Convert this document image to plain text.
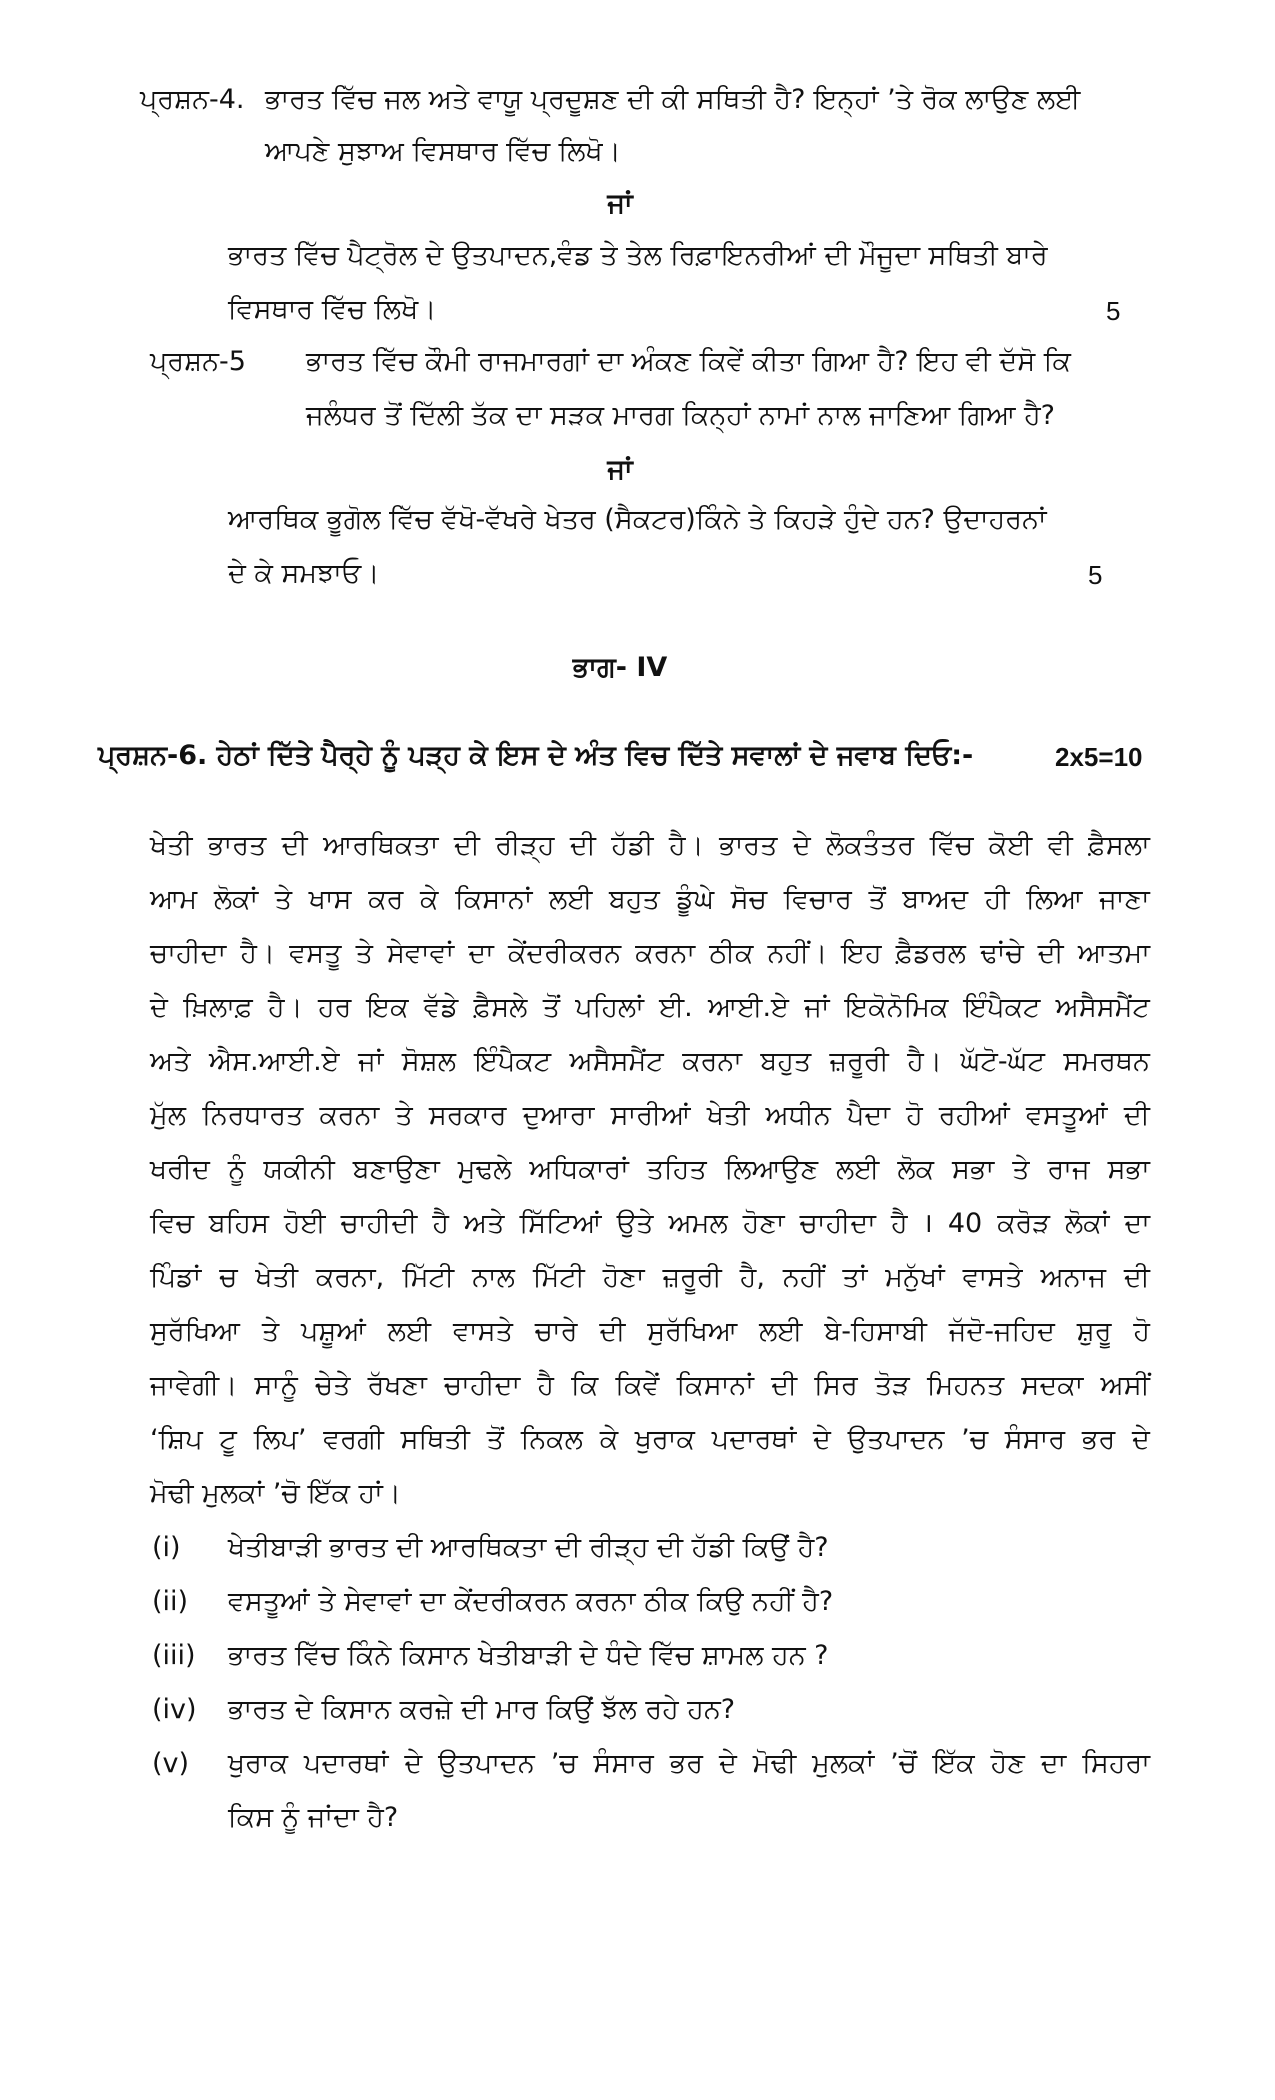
ਪ੍ਰਸ਼ਨ-4. ਭਾਰਤ ਵਿੱਚ ਜਲ ਅਤੇ ਵਾਯੂ ਪ੍ਰਦੂਸ਼ਣ ਦੀ ਕੀ ਸਥਿਤੀ ਹੈ? ਇਨ੍ਹਾਂ ’ਤੇ ਰੋਕ ਲਾਉਣ ਲਈ
ਆਪਣੇ ਸੁਝਾਅ ਵਿਸਥਾਰ ਵਿੱਚ ਲਿਖੋ।
ਜਾਂ
ਭਾਰਤ ਵਿੱਚ ਪੈਟ੍ਰੋਲ ਦੇ ਉਤਪਾਦਨ,ਵੰਡ ਤੇ ਤੇਲ ਰਿਫ਼ਾਇਨਰੀਆਂ ਦੀ ਮੌਜੂਦਾ ਸਥਿਤੀ ਬਾਰੇ
ਵਿਸਥਾਰ ਵਿੱਚ ਲਿਖੋ।	5
ਪ੍ਰਸ਼ਨ-5 ਭਾਰਤ ਵਿੱਚ ਕੌਮੀ ਰਾਜਮਾਰਗਾਂ ਦਾ ਅੰਕਣ ਕਿਵੇਂ ਕੀਤਾ ਗਿਆ ਹੈ? ਇਹ ਵੀ ਦੱਸੋ ਕਿ
ਜਲੰਧਰ ਤੋਂ ਦਿੱਲੀ ਤੱਕ ਦਾ ਸੜਕ ਮਾਰਗ ਕਿਨ੍ਹਾਂ ਨਾਮਾਂ ਨਾਲ ਜਾਣਿਆ ਗਿਆ ਹੈ?
ਜਾਂ
ਆਰਥਿਕ ਭੂਗੋਲ ਵਿੱਚ ਵੱਖੋ-ਵੱਖਰੇ ਖੇਤਰ (ਸੈਕਟਰ)ਕਿੰਨੇ ਤੇ ਕਿਹੜੇ ਹੁੰਦੇ ਹਨ? ਉਦਾਹਰਨਾਂ
ਦੇ ਕੇ ਸਮਝਾਓ।	5
ਭਾਗ- IV
ਪ੍ਰਸ਼ਨ-6. ਹੇਠਾਂ ਦਿੱਤੇ ਪੈਰ੍ਹੇ ਨੂੰ ਪੜ੍ਹ ਕੇ ਇਸ ਦੇ ਅੰਤ ਵਿਚ ਦਿੱਤੇ ਸਵਾਲਾਂ ਦੇ ਜਵਾਬ ਦਿਓ:-	2x5=10
ਖੇਤੀ ਭਾਰਤ ਦੀ ਆਰਥਿਕਤਾ ਦੀ ਰੀੜ੍ਹ ਦੀ ਹੱਡੀ ਹੈ। ਭਾਰਤ ਦੇ ਲੋਕਤੰਤਰ ਵਿੱਚ ਕੋਈ ਵੀ ਫ਼ੈਸਲਾ
ਆਮ ਲੋਕਾਂ ਤੇ ਖਾਸ ਕਰ ਕੇ ਕਿਸਾਨਾਂ ਲਈ ਬਹੁਤ ਡੂੰਘੇ ਸੋਚ ਵਿਚਾਰ ਤੋਂ ਬਾਅਦ ਹੀ ਲਿਆ ਜਾਣਾ
ਚਾਹੀਦਾ ਹੈ। ਵਸਤੂ ਤੇ ਸੇਵਾਵਾਂ ਦਾ ਕੇਂਦਰੀਕਰਨ ਕਰਨਾ ਠੀਕ ਨਹੀਂ। ਇਹ ਫ਼ੈਡਰਲ ਢਾਂਚੇ ਦੀ ਆਤਮਾ
ਦੇ ਖ਼ਿਲਾਫ਼ ਹੈ। ਹਰ ਇਕ ਵੱਡੇ ਫ਼ੈਸਲੇ ਤੋਂ ਪਹਿਲਾਂ ਈ. ਆਈ.ਏ ਜਾਂ ਇਕੋਨੋਮਿਕ ਇੰਪੈਕਟ ਅਸੈਸਮੈਂਟ
ਅਤੇ ਐਸ.ਆਈ.ਏ ਜਾਂ ਸੋਸ਼ਲ ਇੰਪੈਕਟ ਅਸੈਸਮੈਂਟ ਕਰਨਾ ਬਹੁਤ ਜ਼ਰੂਰੀ ਹੈ। ਘੱਟੋ-ਘੱਟ ਸਮਰਥਨ
ਮੁੱਲ ਨਿਰਧਾਰਤ ਕਰਨਾ ਤੇ ਸਰਕਾਰ ਦੁਆਰਾ ਸਾਰੀਆਂ ਖੇਤੀ ਅਧੀਨ ਪੈਦਾ ਹੋ ਰਹੀਆਂ ਵਸਤੂਆਂ ਦੀ
ਖਰੀਦ ਨੂੰ ਯਕੀਨੀ ਬਣਾਉਣਾ ਮੁਢਲੇ ਅਧਿਕਾਰਾਂ ਤਹਿਤ ਲਿਆਉਣ ਲਈ ਲੋਕ ਸਭਾ ਤੇ ਰਾਜ ਸਭਾ
ਵਿਚ ਬਹਿਸ ਹੋਈ ਚਾਹੀਦੀ ਹੈ ਅਤੇ ਸਿੱਟਿਆਂ ਉਤੇ ਅਮਲ ਹੋਣਾ ਚਾਹੀਦਾ ਹੈ । 40 ਕਰੋੜ ਲੋਕਾਂ ਦਾ
ਪਿੰਡਾਂ ਚ ਖੇਤੀ ਕਰਨਾ, ਮਿੱਟੀ ਨਾਲ ਮਿੱਟੀ ਹੋਣਾ ਜ਼ਰੂਰੀ ਹੈ, ਨਹੀਂ ਤਾਂ ਮਨੁੱਖਾਂ ਵਾਸਤੇ ਅਨਾਜ ਦੀ
ਸੁਰੱਖਿਆ ਤੇ ਪਸ਼ੂਆਂ ਲਈ ਵਾਸਤੇ ਚਾਰੇ ਦੀ ਸੁਰੱਖਿਆ ਲਈ ਬੇ-ਹਿਸਾਬੀ ਜੱਦੋ-ਜਹਿਦ ਸ਼ੁਰੂ ਹੋ
ਜਾਵੇਗੀ। ਸਾਨੂੰ ਚੇਤੇ ਰੱਖਣਾ ਚਾਹੀਦਾ ਹੈ ਕਿ ਕਿਵੇਂ ਕਿਸਾਨਾਂ ਦੀ ਸਿਰ ਤੋੜ ਮਿਹਨਤ ਸਦਕਾ ਅਸੀਂ
‘ਸ਼ਿਪ ਟੂ ਲਿਪ’ ਵਰਗੀ ਸਥਿਤੀ ਤੋਂ ਨਿਕਲ ਕੇ ਖੁਰਾਕ ਪਦਾਰਥਾਂ ਦੇ ਉਤਪਾਦਨ ’ਚ ਸੰਸਾਰ ਭਰ ਦੇ
ਮੋਢੀ ਮੁਲਕਾਂ ’ਚੋ ਇੱਕ ਹਾਂ।
(i) ਖੇਤੀਬਾੜੀ ਭਾਰਤ ਦੀ ਆਰਥਿਕਤਾ ਦੀ ਰੀੜ੍ਹ ਦੀ ਹੱਡੀ ਕਿਉਂ ਹੈ?
(ii) ਵਸਤੂਆਂ ਤੇ ਸੇਵਾਵਾਂ ਦਾ ਕੇਂਦਰੀਕਰਨ ਕਰਨਾ ਠੀਕ ਕਿਉ ਨਹੀਂ ਹੈ?
(iii) ਭਾਰਤ ਵਿੱਚ ਕਿੰਨੇ ਕਿਸਾਨ ਖੇਤੀਬਾੜੀ ਦੇ ਧੰਦੇ ਵਿੱਚ ਸ਼ਾਮਲ ਹਨ ?
(iv) ਭਾਰਤ ਦੇ ਕਿਸਾਨ ਕਰਜ਼ੇ ਦੀ ਮਾਰ ਕਿਉਂ ਝੱਲ ਰਹੇ ਹਨ?
(v) ਖੁਰਾਕ ਪਦਾਰਥਾਂ ਦੇ ਉਤਪਾਦਨ ’ਚ ਸੰਸਾਰ ਭਰ ਦੇ ਮੋਢੀ ਮੁਲਕਾਂ ’ਚੋਂ ਇੱਕ ਹੋਣ ਦਾ ਸਿਹਰਾ
ਕਿਸ ਨੂੰ ਜਾਂਦਾ ਹੈ?
